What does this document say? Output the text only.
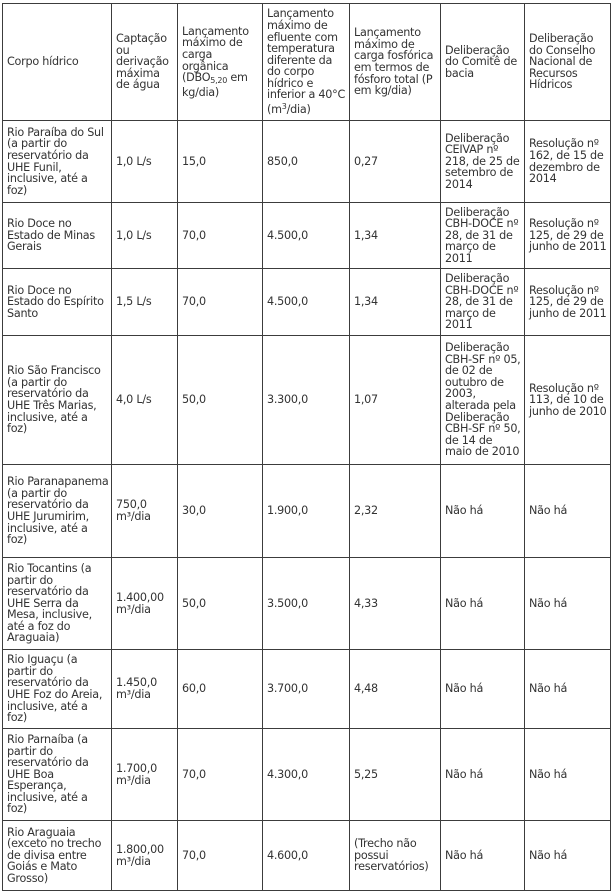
Corpo hídrico	Captação ou derivação máxima de água	Lançamento máximo de carga orgânica ($DBO_{5,20}$ em kg/dia)	Lançamento máximo de efluente com temperatura diferente da do corpo hídrico e inferior a 40°C $(m^3/dia)$	Lançamento máximo de carga fosfórica em termos de fósforo total (P em kg/dia)	Deliberação do Comitê de bacia	Deliberação do Conselho Nacional de Recursos Hídricos
Rio Paraíba do Sul (a partir do reservatório da UHE Funil, inclusive, até a foz)	1,0 L/s	15,0	850,0	0,27	Deliberação CEIVAP nº 218, de 25 de setembro de 2014	Resolução nº 162, de 15 de dezembro de 2014
Rio Doce no Estado de Minas Gerais	1,0 L/s	70,0	4.500,0	1,34	Deliberação CBH-DOCE nº 28, de 31 de março de 2011	Resolução nº 125, de 29 de junho de 2011
Rio Doce no Estado do Espírito Santo	1,5 L/s	70,0	4.500,0	1,34	Deliberação CBH-DOCE nº 28, de 31 de março de 2011	Resolução nº 125, de 29 de junho de 2011
Rio São Francisco (a partir do reservatório da UHE Três Marias, inclusive, até a foz)	4,0 L/s	50,0	3.300,0	1,07	Deliberação CBH-SF nº 05, de 02 de outubro de 2003, alterada pela Deliberação CBH-SF nº 50, de 14 de maio de 2010	Resolução nº 113, de 10 de junho de 2010
Rio Paranapanema (a partir do reservatório da UHE Jurumirim, inclusive, até a foz)	750,0 m³/dia	30,0	1.900,0	2,32	Não há	Não há
Rio Tocantins (a partir do reservatório da UHE Serra da Mesa, inclusive, até a foz do Araguaia)	1.400,00 m³/dia	50,0	3.500,0	4,33	Não há	Não há
Rio Iguaçu (a partir do reservatório da UHE Foz do Areia, inclusive, até a foz)	1.450,0 m³/dia	60,0	3.700,0	4,48	Não há	Não há
Rio Parnaíba (a partir do reservatório da UHE Boa Esperança, inclusive, até a foz)	1.700,0 m³/dia	70,0	4.300,0	5,25	Não há	Não há
Rio Araguaia (exceto no trecho de divisa entre Goiás e Mato Grosso)	1.800,00 m³/dia	70,0	4.600,0	(Trecho não possui reservatórios)	Não há	Não há
